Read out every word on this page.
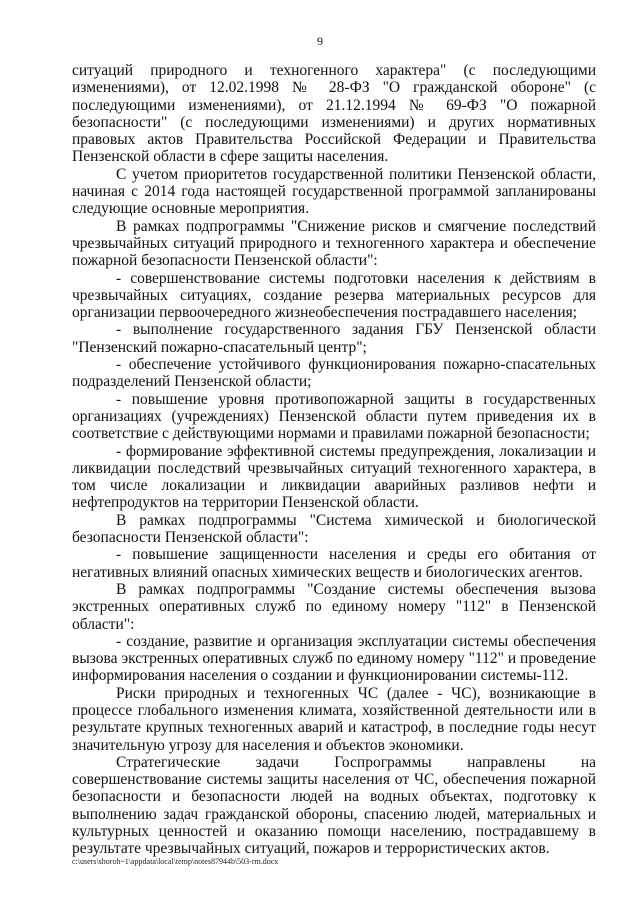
9

ситуаций природного и техногенного характера" (с последующими изменениями), от 12.02.1998 № 28-ФЗ "О гражданской обороне" (с последующими изменениями), от 21.12.1994 № 69-ФЗ "О пожарной безопасности" (с последующими изменениями) и других нормативных правовых актов Правительства Российской Федерации и Правительства Пензенской области в сфере защиты населения.

С учетом приоритетов государственной политики Пензенской области, начиная с 2014 года настоящей государственной программой запланированы следующие основные мероприятия.

В рамках подпрограммы "Снижение рисков и смягчение последствий чрезвычайных ситуаций природного и техногенного характера и обеспечение пожарной безопасности Пензенской области":

- совершенствование системы подготовки населения к действиям в чрезвычайных ситуациях, создание резерва материальных ресурсов для организации первоочередного жизнеобеспечения пострадавшего населения;

- выполнение государственного задания ГБУ Пензенской области "Пензенский пожарно-спасательный центр";

- обеспечение устойчивого функционирования пожарно-спасательных подразделений Пензенской области;

- повышение уровня противопожарной защиты в государственных организациях (учреждениях) Пензенской области путем приведения их в соответствие с действующими нормами и правилами пожарной безопасности;

- формирование эффективной системы предупреждения, локализации и ликвидации последствий чрезвычайных ситуаций техногенного характера, в том числе локализации и ликвидации аварийных разливов нефти и нефтепродуктов на территории Пензенской области.

В рамках подпрограммы "Система химической и биологической безопасности Пензенской области":

- повышение защищенности населения и среды его обитания от негативных влияний опасных химических веществ и биологических агентов.

В рамках подпрограммы "Создание системы обеспечения вызова экстренных оперативных служб по единому номеру "112" в Пензенской области":

- создание, развитие и организация эксплуатации системы обеспечения вызова экстренных оперативных служб по единому номеру "112" и проведение информирования населения о создании и функционировании системы-112.

Риски природных и техногенных ЧС (далее - ЧС), возникающие в процессе глобального изменения климата, хозяйственной деятельности или в результате крупных техногенных аварий и катастроф, в последние годы несут значительную угрозу для населения и объектов экономики.

Стратегические задачи Госпрограммы направлены на совершенствование системы защиты населения от ЧС, обеспечения пожарной безопасности и безопасности людей на водных объектах, подготовку к выполнению задач гражданской обороны, спасению людей, материальных и культурных ценностей и оказанию помощи населению, пострадавшему в результате чрезвычайных ситуаций, пожаров и террористических актов.

c:\users\shoroh~1\appdata\local\temp\notes87944b\503-rm.docx
